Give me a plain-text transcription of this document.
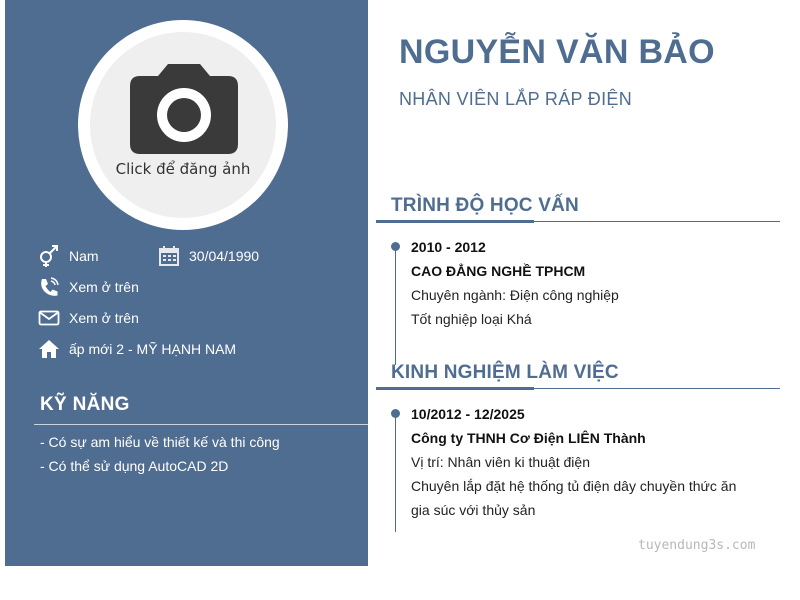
Click để đăng ảnh
Nam	30/04/1990
Xem ở trên
Xem ở trên
ấp mới 2 - MỸ HẠNH NAM
KỸ NĂNG
- Có sự am hiểu về thiết kế và thi công
- Có thể sử dụng AutoCAD 2D
NGUYỄN VĂN BẢO
NHÂN VIÊN LẮP RÁP ĐIỆN
TRÌNH ĐỘ HỌC VẤN
2010 - 2012
CAO ĐẲNG NGHỀ TPHCM
Chuyên ngành: Điện công nghiệp
Tốt nghiệp loại Khá
KINH NGHIỆM LÀM VIỆC
10/2012 - 12/2025
Công ty THNH Cơ Điện LIÊN Thành
Vị trí: Nhân viên ki thuật điện
Chuyên lắp đặt hệ thống tủ điện dây chuyền thức ăn
gia súc với thủy sản
tuyendung3s.com
